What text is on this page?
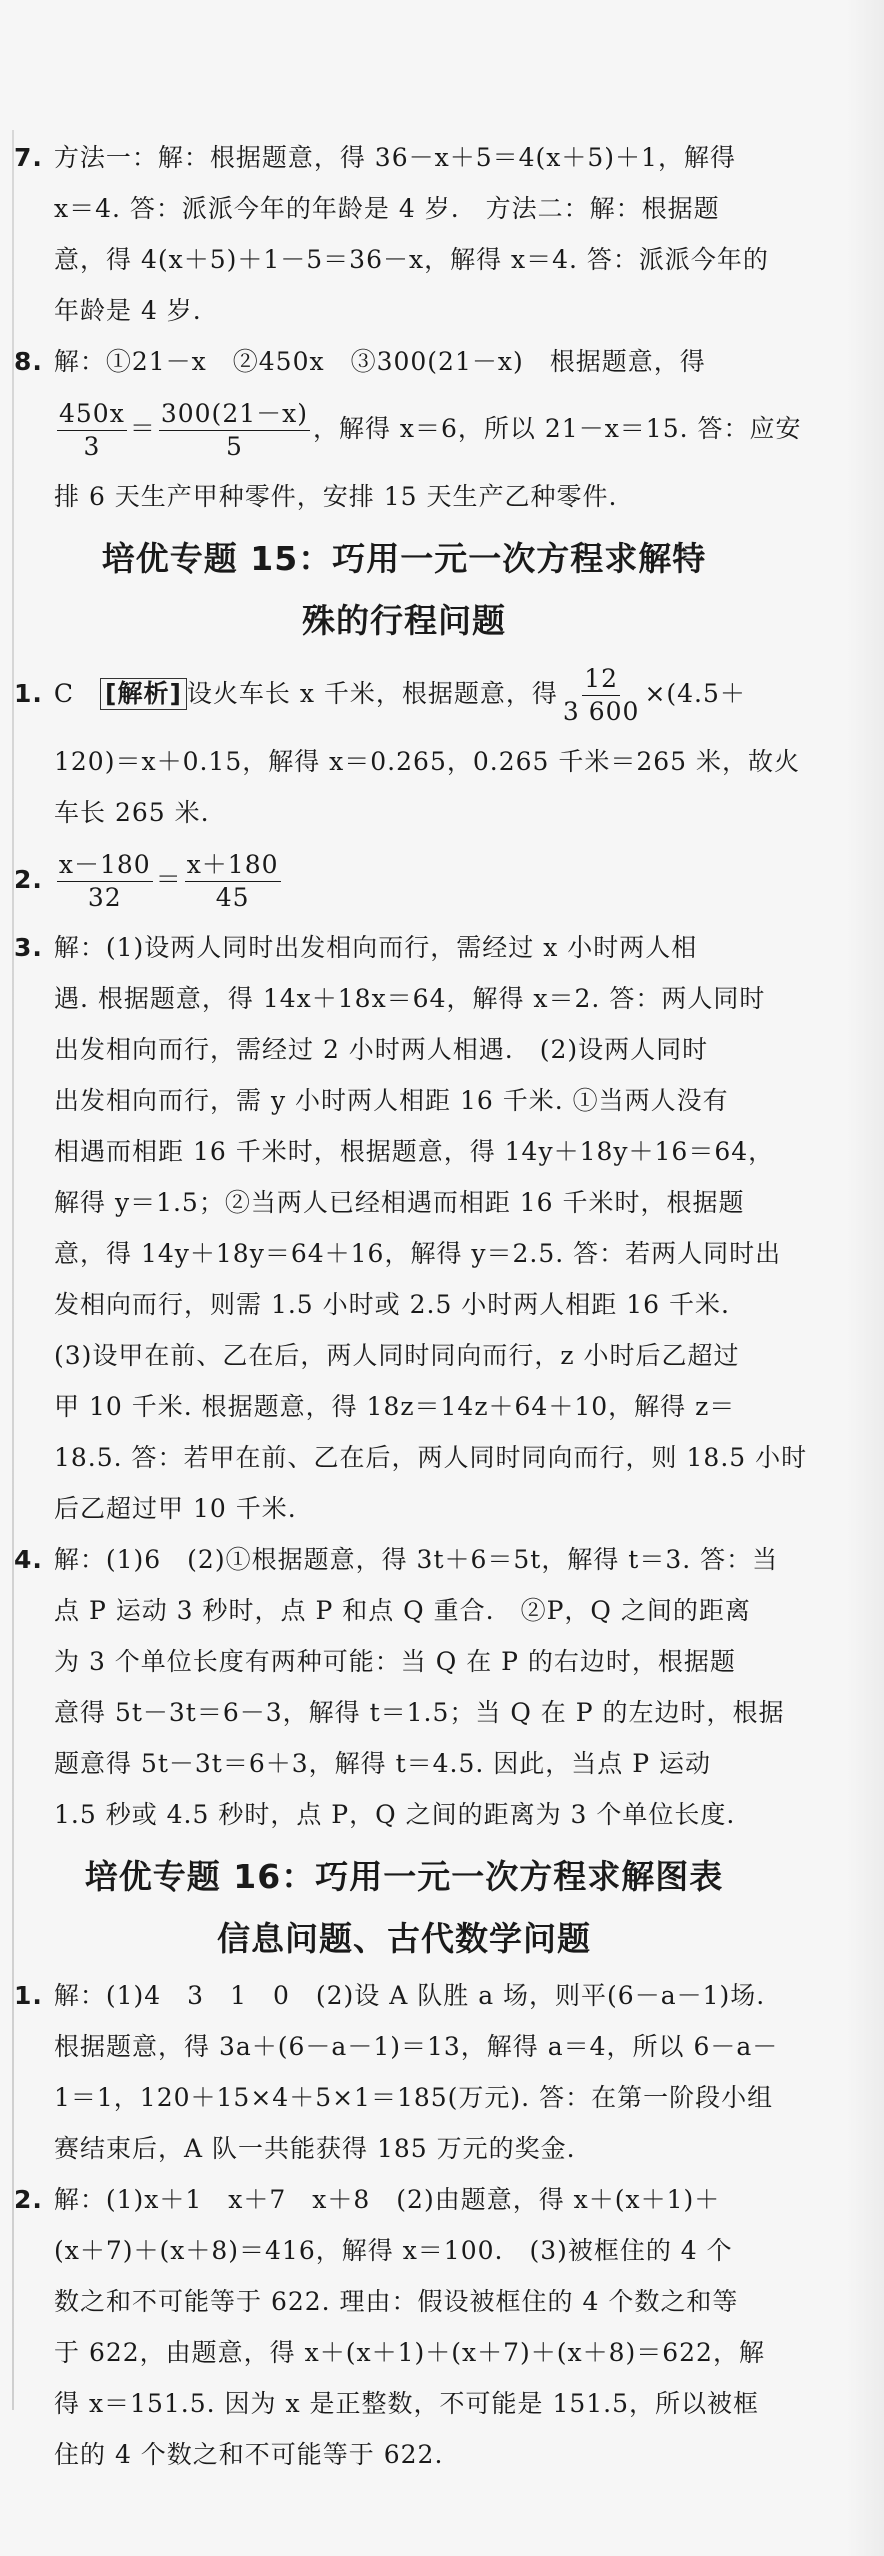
7. 方法一：解：根据题意，得 36－x＋5＝4(x＋5)＋1，解得
x＝4. 答：派派今年的年龄是 4 岁.　方法二：解：根据题
意，得 4(x＋5)＋1－5＝36－x，解得 x＝4. 答：派派今年的
年龄是 4 岁.
8. 解：①21－x　②450x　③300(21－x)　根据题意，得
$\frac{450x}{3} = \frac{300(21-x)}{5}$ ，解得 x＝6，所以 21－x＝15. 答：应安
排 6 天生产甲种零件，安排 15 天生产乙种零件.
培优专题 15：巧用一元一次方程求解特
殊的行程问题
1. C　 [解析] 设火车长 x 千米，根据题意，得 $\frac{12}{3 600} \times(4.5+$
120)＝x＋0.15，解得 x＝0.265，0.265 千米＝265 米，故火
车长 265 米.
2. $\frac{x-180}{32} = \frac{x+180}{45}$
3. 解：(1)设两人同时出发相向而行，需经过 x 小时两人相
遇. 根据题意，得 14x＋18x＝64，解得 x＝2. 答：两人同时
出发相向而行，需经过 2 小时两人相遇.　(2)设两人同时
出发相向而行，需 y 小时两人相距 16 千米. ①当两人没有
相遇而相距 16 千米时，根据题意，得 14y＋18y＋16＝64，
解得 y＝1.5；②当两人已经相遇而相距 16 千米时，根据题
意，得 14y＋18y＝64＋16，解得 y＝2.5. 答：若两人同时出
发相向而行，则需 1.5 小时或 2.5 小时两人相距 16 千米.
(3)设甲在前、乙在后，两人同时同向而行，z 小时后乙超过
甲 10 千米. 根据题意，得 18z＝14z＋64＋10，解得 z＝
18.5. 答：若甲在前、乙在后，两人同时同向而行，则 18.5 小时
后乙超过甲 10 千米.
4. 解：(1)6　(2)①根据题意，得 3t＋6＝5t，解得 t＝3. 答：当
点 P 运动 3 秒时，点 P 和点 Q 重合.　②P，Q 之间的距离
为 3 个单位长度有两种可能：当 Q 在 P 的右边时，根据题
意得 5t－3t＝6－3，解得 t＝1.5；当 Q 在 P 的左边时，根据
题意得 5t－3t＝6＋3，解得 t＝4.5. 因此，当点 P 运动
1.5 秒或 4.5 秒时，点 P，Q 之间的距离为 3 个单位长度.
培优专题 16：巧用一元一次方程求解图表
信息问题、古代数学问题
1. 解：(1)4　3　1　0　(2)设 A 队胜 a 场，则平(6－a－1)场.
根据题意，得 3a＋(6－a－1)＝13，解得 a＝4，所以 6－a－
1＝1，120＋15×4＋5×1＝185(万元). 答：在第一阶段小组
赛结束后，A 队一共能获得 185 万元的奖金.
2. 解：(1)x＋1　x＋7　x＋8　(2)由题意，得 x＋(x＋1)＋
(x＋7)＋(x＋8)＝416，解得 x＝100.　(3)被框住的 4 个
数之和不可能等于 622. 理由：假设被框住的 4 个数之和等
于 622，由题意，得 x＋(x＋1)＋(x＋7)＋(x＋8)＝622，解
得 x＝151.5. 因为 x 是正整数，不可能是 151.5，所以被框
住的 4 个数之和不可能等于 622.
